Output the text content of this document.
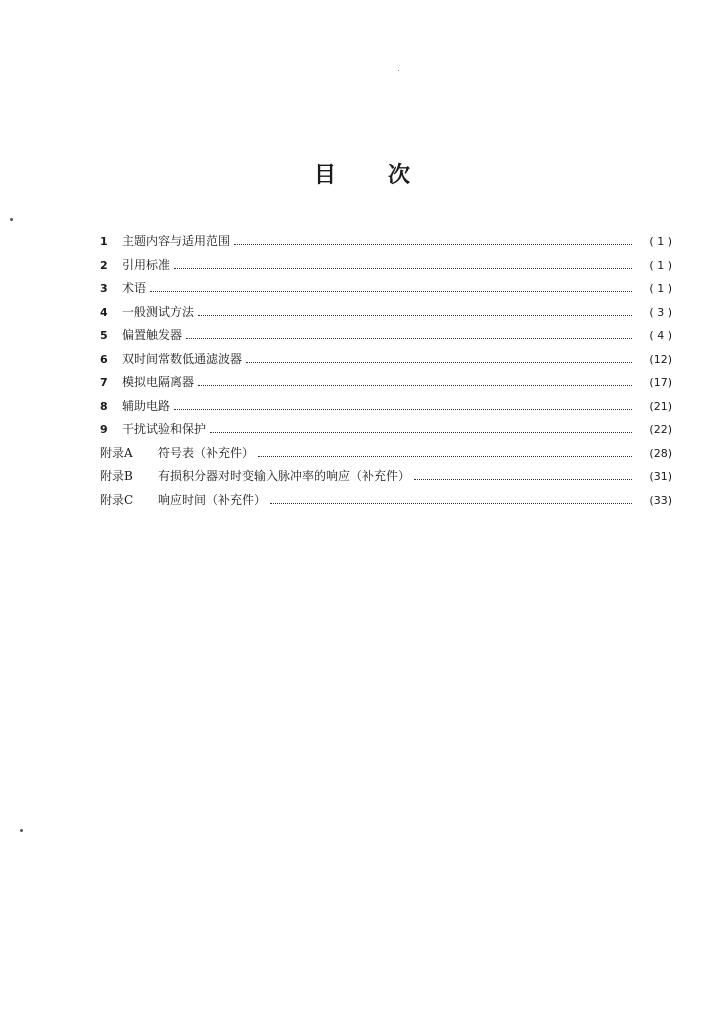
目 次
1	主题内容与适用范围	( 1 )
2	引用标准	( 1 )
3	术语	( 1 )
4	一般测试方法	( 3 )
5	偏置触发器	( 4 )
6	双时间常数低通滤波器	(12)
7	模拟电隔离器	(17)
8	辅助电路	(21)
9	干扰试验和保护	(22)
附录A	符号表（补充件）	(28)
附录B	有损积分器对时变输入脉冲率的响应（补充件）	(31)
附录C	响应时间（补充件）	(33)
